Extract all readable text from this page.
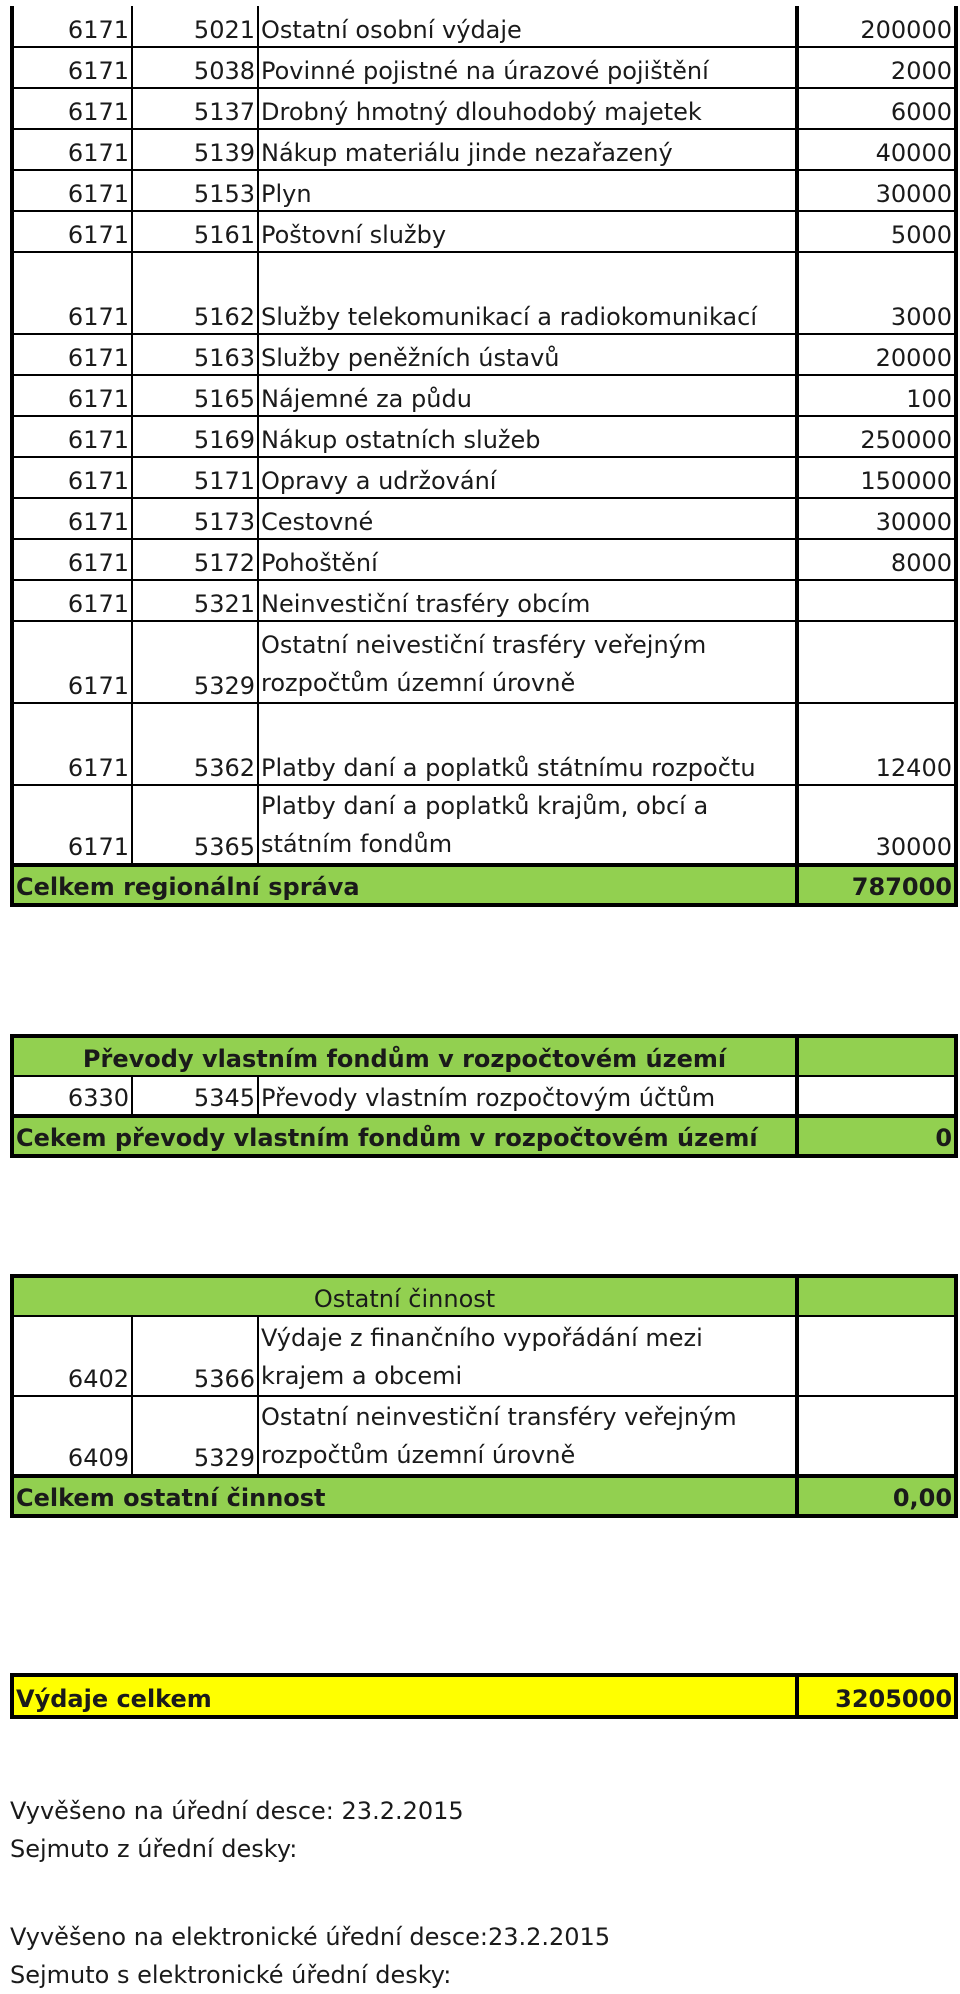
6171	5021	Ostatní osobní výdaje	200000
6171	5038	Povinné pojistné na úrazové pojištění	2000
6171	5137	Drobný hmotný dlouhodobý majetek	6000
6171	5139	Nákup materiálu jinde nezařazený	40000
6171	5153	Plyn	30000
6171	5161	Poštovní služby	5000
6171	5162	Služby telekomunikací a radiokomunikací	3000
6171	5163	Služby peněžních ústavů	20000
6171	5165	Nájemné za půdu	100
6171	5169	Nákup ostatních služeb	250000
6171	5171	Opravy a udržování	150000
6171	5173	Cestovné	30000
6171	5172	Pohoštění	8000
6171	5321	Neinvestiční trasféry obcím	
6171	5329	Ostatní neivestiční trasféry veřejným rozpočtům územní úrovně	
6171	5362	Platby daní a poplatků státnímu rozpočtu	12400
6171	5365	Platby daní a poplatků krajům, obcí a státním fondům	30000
Celkem regionální správa			787000
Převody vlastním fondům v rozpočtovém území			
6330	5345	Převody vlastním rozpočtovým účtům	
Cekem převody vlastním fondům v rozpočtovém území			0
Ostatní činnost			
6402	5366	Výdaje z finančního vypořádání mezi krajem a obcemi	
6409	5329	Ostatní neinvestiční transféry veřejným rozpočtům územní úrovně	
Celkem ostatní činnost			0,00
Výdaje celkem	3205000
Vyvěšeno na úřední desce: 23.2.2015
Sejmuto z úřední desky:
Vyvěšeno na elektronické úřední desce:23.2.2015
Sejmuto s elektronické úřední desky:
